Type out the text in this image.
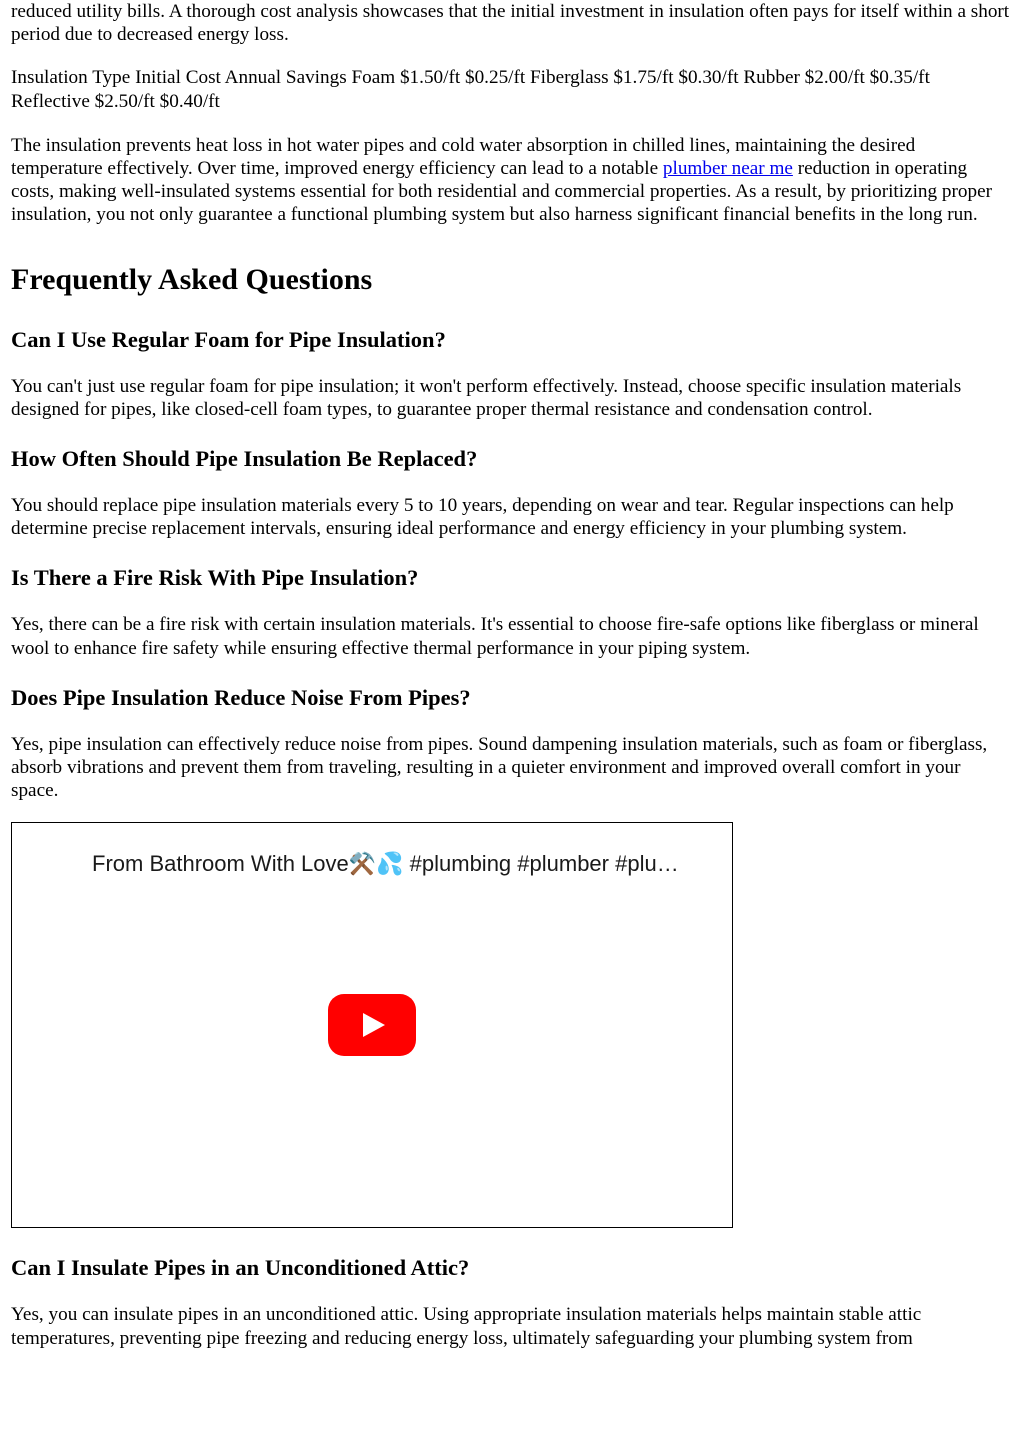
reduced utility bills. A thorough cost analysis showcases that the initial investment in insulation often pays for itself within a short period due to decreased energy loss.

Insulation Type Initial Cost Annual Savings Foam $1.50/ft $0.25/ft Fiberglass $1.75/ft $0.30/ft Rubber $2.00/ft $0.35/ft Reflective $2.50/ft $0.40/ft

The insulation prevents heat loss in hot water pipes and cold water absorption in chilled lines, maintaining the desired temperature effectively. Over time, improved energy efficiency can lead to a notable plumber near me reduction in operating costs, making well-insulated systems essential for both residential and commercial properties. As a result, by prioritizing proper insulation, you not only guarantee a functional plumbing system but also harness significant financial benefits in the long run.

Frequently Asked Questions
Can I Use Regular Foam for Pipe Insulation?

You can't just use regular foam for pipe insulation; it won't perform effectively. Instead, choose specific insulation materials designed for pipes, like closed-cell foam types, to guarantee proper thermal resistance and condensation control.

How Often Should Pipe Insulation Be Replaced?

You should replace pipe insulation materials every 5 to 10 years, depending on wear and tear. Regular inspections can help determine precise replacement intervals, ensuring ideal performance and energy efficiency in your plumbing system.

Is There a Fire Risk With Pipe Insulation?

Yes, there can be a fire risk with certain insulation materials. It's essential to choose fire-safe options like fiberglass or mineral wool to enhance fire safety while ensuring effective thermal performance in your piping system.

Does Pipe Insulation Reduce Noise From Pipes?

Yes, pipe insulation can effectively reduce noise from pipes. Sound dampening insulation materials, such as foam or fiberglass, absorb vibrations and prevent them from traveling, resulting in a quieter environment and improved overall comfort in your space.

From Bathroom With Love⚒️💦 #plumbing #plumber #plu…
Can I Insulate Pipes in an Unconditioned Attic?

Yes, you can insulate pipes in an unconditioned attic. Using appropriate insulation materials helps maintain stable attic temperatures, preventing pipe freezing and reducing energy loss, ultimately safeguarding your plumbing system from
